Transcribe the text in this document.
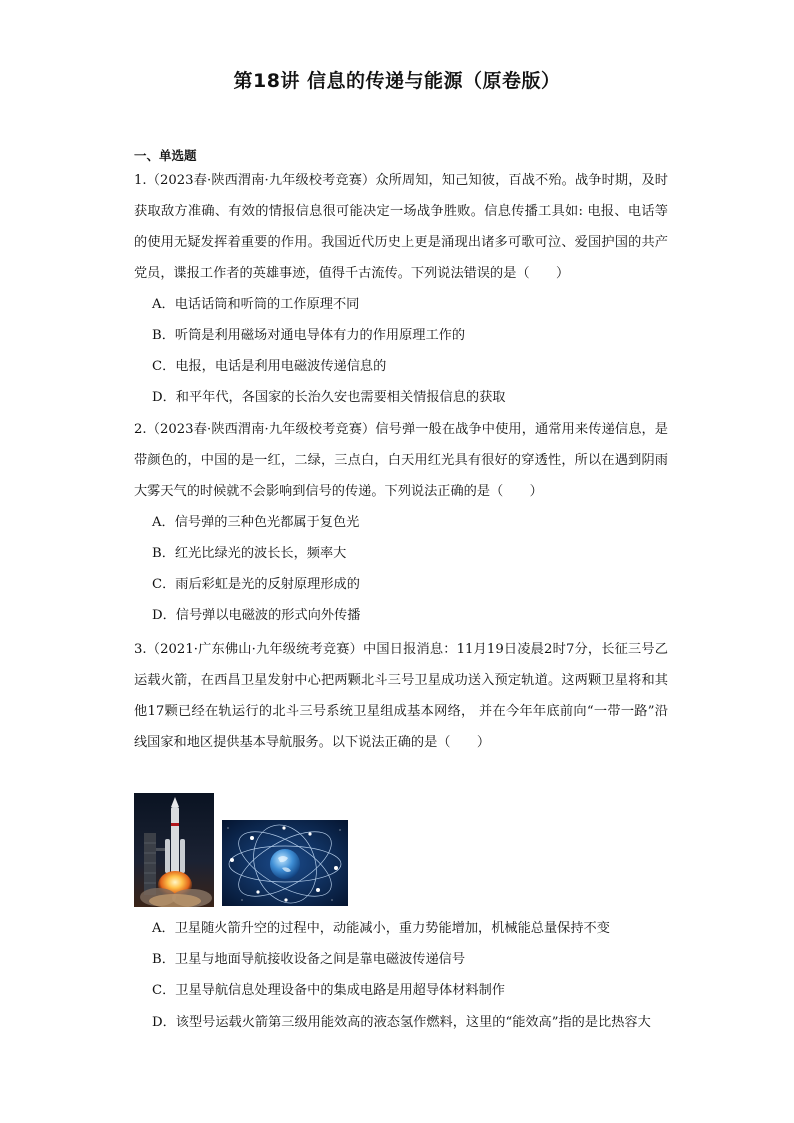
第18讲 信息的传递与能源（原卷版）
一、单选题

1.（2023春·陕西渭南·九年级校考竞赛）众所周知，知己知彼，百战不殆。战争时期，及时获取敌方准确、有效的情报信息很可能决定一场战争胜败。信息传播工具如: 电报、电话等的使用无疑发挥着重要的作用。我国近代历史上更是涌现出诸多可歌可泣、爱国护国的共产党员，谍报工作者的英雄事迹，值得千古流传。下列说法错误的是（　　）

A．电话话筒和听筒的工作原理不同
B．听筒是利用磁场对通电导体有力的作用原理工作的
C．电报，电话是利用电磁波传递信息的
D．和平年代，各国家的长治久安也需要相关情报信息的获取

2.（2023春·陕西渭南·九年级校考竞赛）信号弹一般在战争中使用，通常用来传递信息，是带颜色的，中国的是一红，二绿，三点白，白天用红光具有很好的穿透性，所以在遇到阴雨大雾天气的时候就不会影响到信号的传递。下列说法正确的是（　　）

A．信号弹的三种色光都属于复色光
B．红光比绿光的波长长，频率大
C．雨后彩虹是光的反射原理形成的
D．信号弹以电磁波的形式向外传播

3.（2021·广东佛山·九年级统考竞赛）中国日报消息：11月19日凌晨2时7分，长征三号乙运载火箭，在西昌卫星发射中心把两颗北斗三号卫星成功送入预定轨道。这两颗卫星将和其他17颗已经在轨运行的北斗三号系统卫星组成基本网络， 并在今年年底前向“一带一路”沿线国家和地区提供基本导航服务。以下说法正确的是（　　）

A．卫星随火箭升空的过程中，动能减小，重力势能增加，机械能总量保持不变
B．卫星与地面导航接收设备之间是靠电磁波传递信号
C．卫星导航信息处理设备中的集成电路是用超导体材料制作
D．该型号运载火箭第三级用能效高的液态氢作燃料，这里的“能效高”指的是比热容大
